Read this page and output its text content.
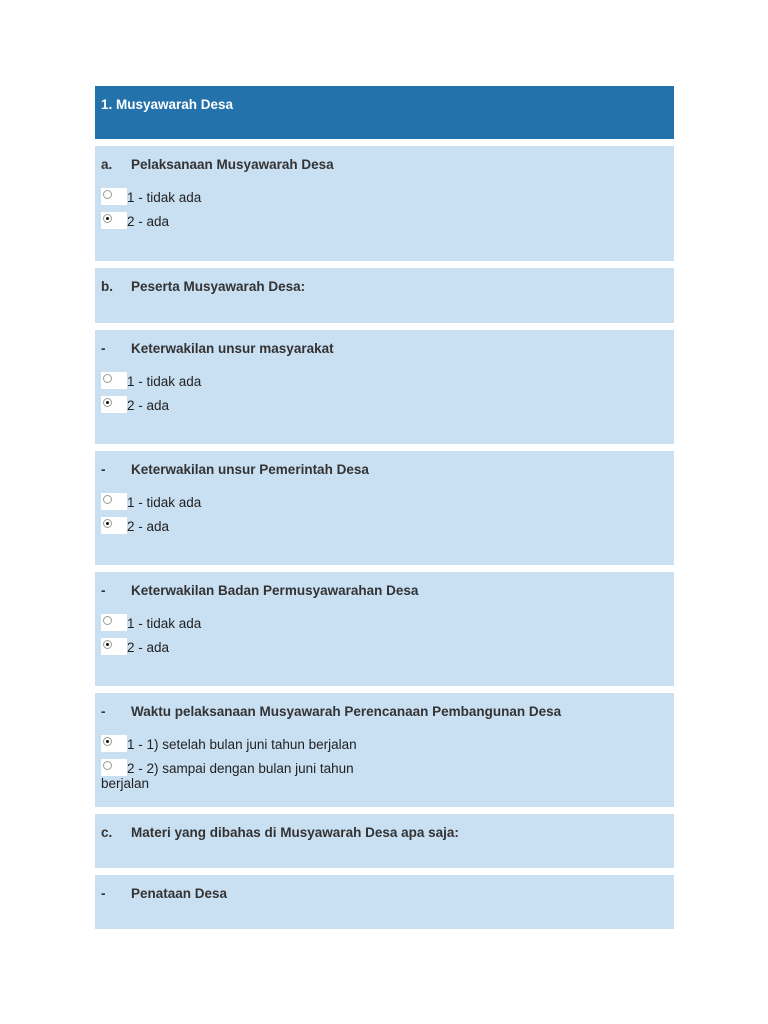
1. Musyawarah Desa
a.	Pelaksanaan Musyawarah Desa
1 - tidak ada
2 - ada
b.	Peserta Musyawarah Desa:
-	Keterwakilan unsur masyarakat
1 - tidak ada
2 - ada
-	Keterwakilan unsur Pemerintah Desa
1 - tidak ada
2 - ada
-	Keterwakilan Badan Permusyawarahan Desa
1 - tidak ada
2 - ada
-	Waktu pelaksanaan Musyawarah Perencanaan Pembangunan Desa
1 - 1) setelah bulan juni tahun berjalan
2 - 2) sampai dengan bulan juni tahun berjalan
c.	Materi yang dibahas di Musyawarah Desa apa saja:
-	Penataan Desa
